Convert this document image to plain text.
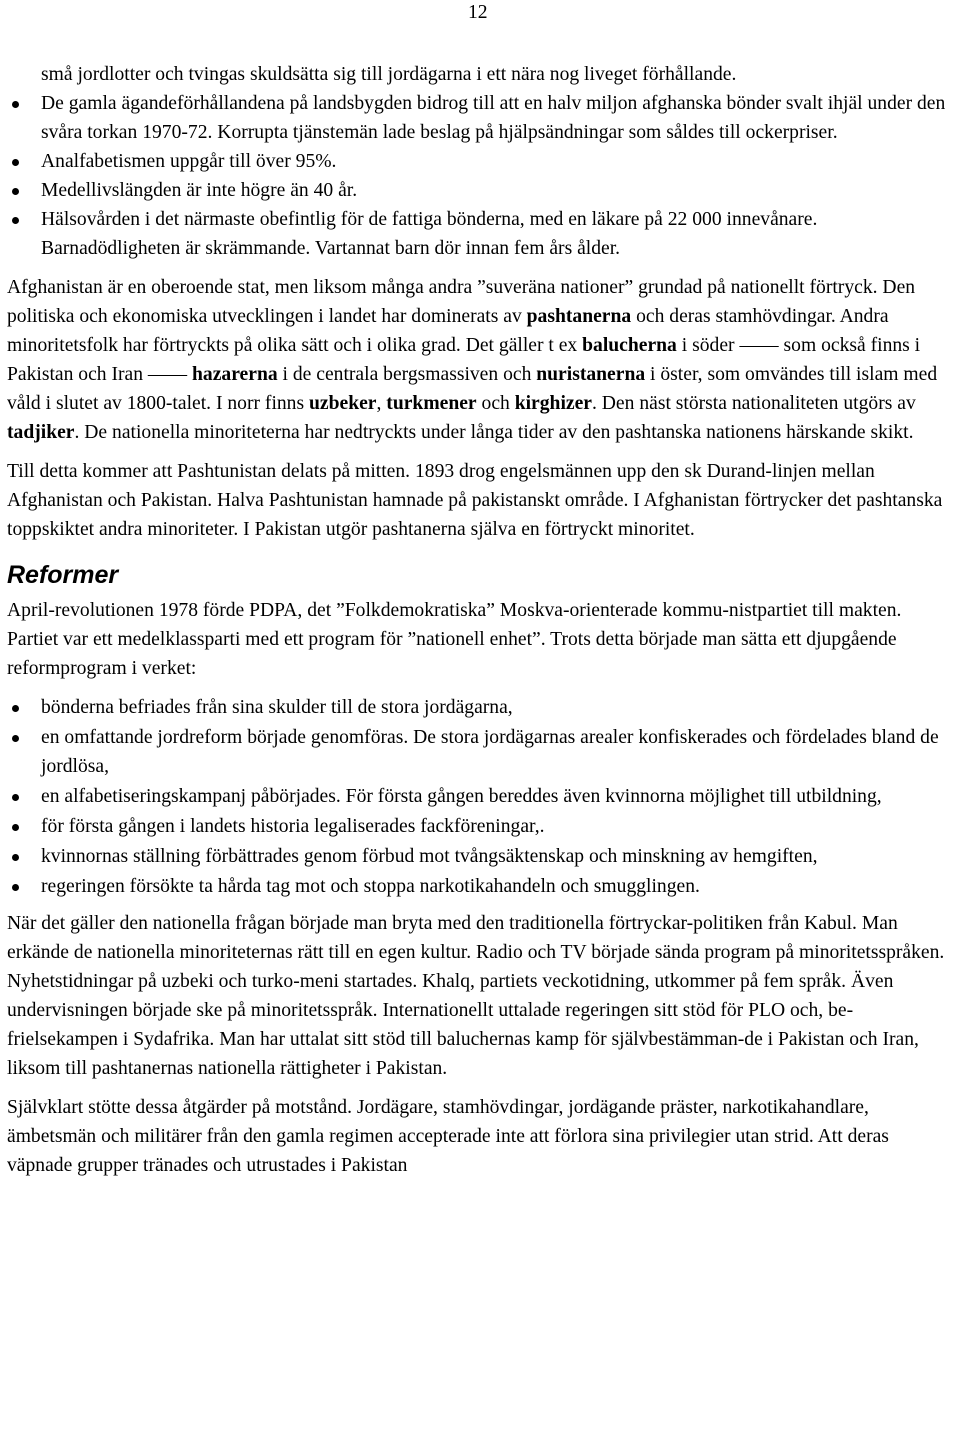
12
små jordlotter och tvingas skuldsätta sig till jordägarna i ett nära nog liveget förhållande.
De gamla ägandeförhållandena på landsbygden bidrog till att en halv miljon afghanska bönder svalt ihjäl under den svåra torkan 1970-72. Korrupta tjänstemän lade beslag på hjälpsändningar som såldes till ockerpriser.
Analfabetismen uppgår till över 95%.
Medellivslängden är inte högre än 40 år.
Hälsovården i det närmaste obefintlig för de fattiga bönderna, med en läkare på 22 000 innevånare. Barnadödligheten är skrämmande. Vartannat barn dör innan fem års ålder.

Afghanistan är en oberoende stat, men liksom många andra ”suveräna nationer” grundad på nationellt förtryck. Den politiska och ekonomiska utvecklingen i landet har dominerats av pashtanerna och deras stamhövdingar. Andra minoritetsfolk har förtryckts på olika sätt och i olika grad. Det gäller t ex balucherna i söder —— som också finns i Pakistan och Iran —— hazarerna i de centrala bergsmassiven och nuristanerna i öster, som omvändes till islam med våld i slutet av 1800-talet. I norr finns uzbeker, turkmener och kirghizer. Den näst största nationaliteten utgörs av tadjiker. De nationella minoriteterna har nedtryckts under långa tider av den pashtanska nationens härskande skikt.

Till detta kommer att Pashtunistan delats på mitten. 1893 drog engelsmännen upp den sk Durand-linjen mellan Afghanistan och Pakistan. Halva Pashtunistan hamnade på pakistanskt område. I Afghanistan förtrycker det pashtanska toppskiktet andra minoriteter. I Pakistan utgör pashtanerna själva en förtryckt minoritet.

Reformer

April-revolutionen 1978 förde PDPA, det ”Folkdemokratiska” Moskva-orienterade kommu-nistpartiet till makten. Partiet var ett medelklassparti med ett program för ”nationell enhet”. Trots detta började man sätta ett djupgående reformprogram i verket:

bönderna befriades från sina skulder till de stora jordägarna,
en omfattande jordreform började genomföras. De stora jordägarnas arealer konfiskerades och fördelades bland de jordlösa,
en alfabetiseringskampanj påbörjades. För första gången bereddes även kvinnorna möjlighet till utbildning,
för första gången i landets historia legaliserades fackföreningar,.
kvinnornas ställning förbättrades genom förbud mot tvångsäktenskap och minskning av hemgiften,
regeringen försökte ta hårda tag mot och stoppa narkotikahandeln och smugglingen.

När det gäller den nationella frågan började man bryta med den traditionella förtryckar-politiken från Kabul. Man erkände de nationella minoriteternas rätt till en egen kultur. Radio och TV började sända program på minoritetsspråken. Nyhetstidningar på uzbeki och turko-meni startades. Khalq, partiets veckotidning, utkommer på fem språk. Även undervisningen började ske på minoritetsspråk. Internationellt uttalade regeringen sitt stöd för PLO och, be-frielsekampen i Sydafrika. Man har uttalat sitt stöd till baluchernas kamp för självbestämman-de i Pakistan och Iran, liksom till pashtanernas nationella rättigheter i Pakistan.

Självklart stötte dessa åtgärder på motstånd. Jordägare, stamhövdingar, jordägande präster, narkotikahandlare, ämbetsmän och militärer från den gamla regimen accepterade inte att förlora sina privilegier utan strid. Att deras väpnade grupper tränades och utrustades i Pakistan
